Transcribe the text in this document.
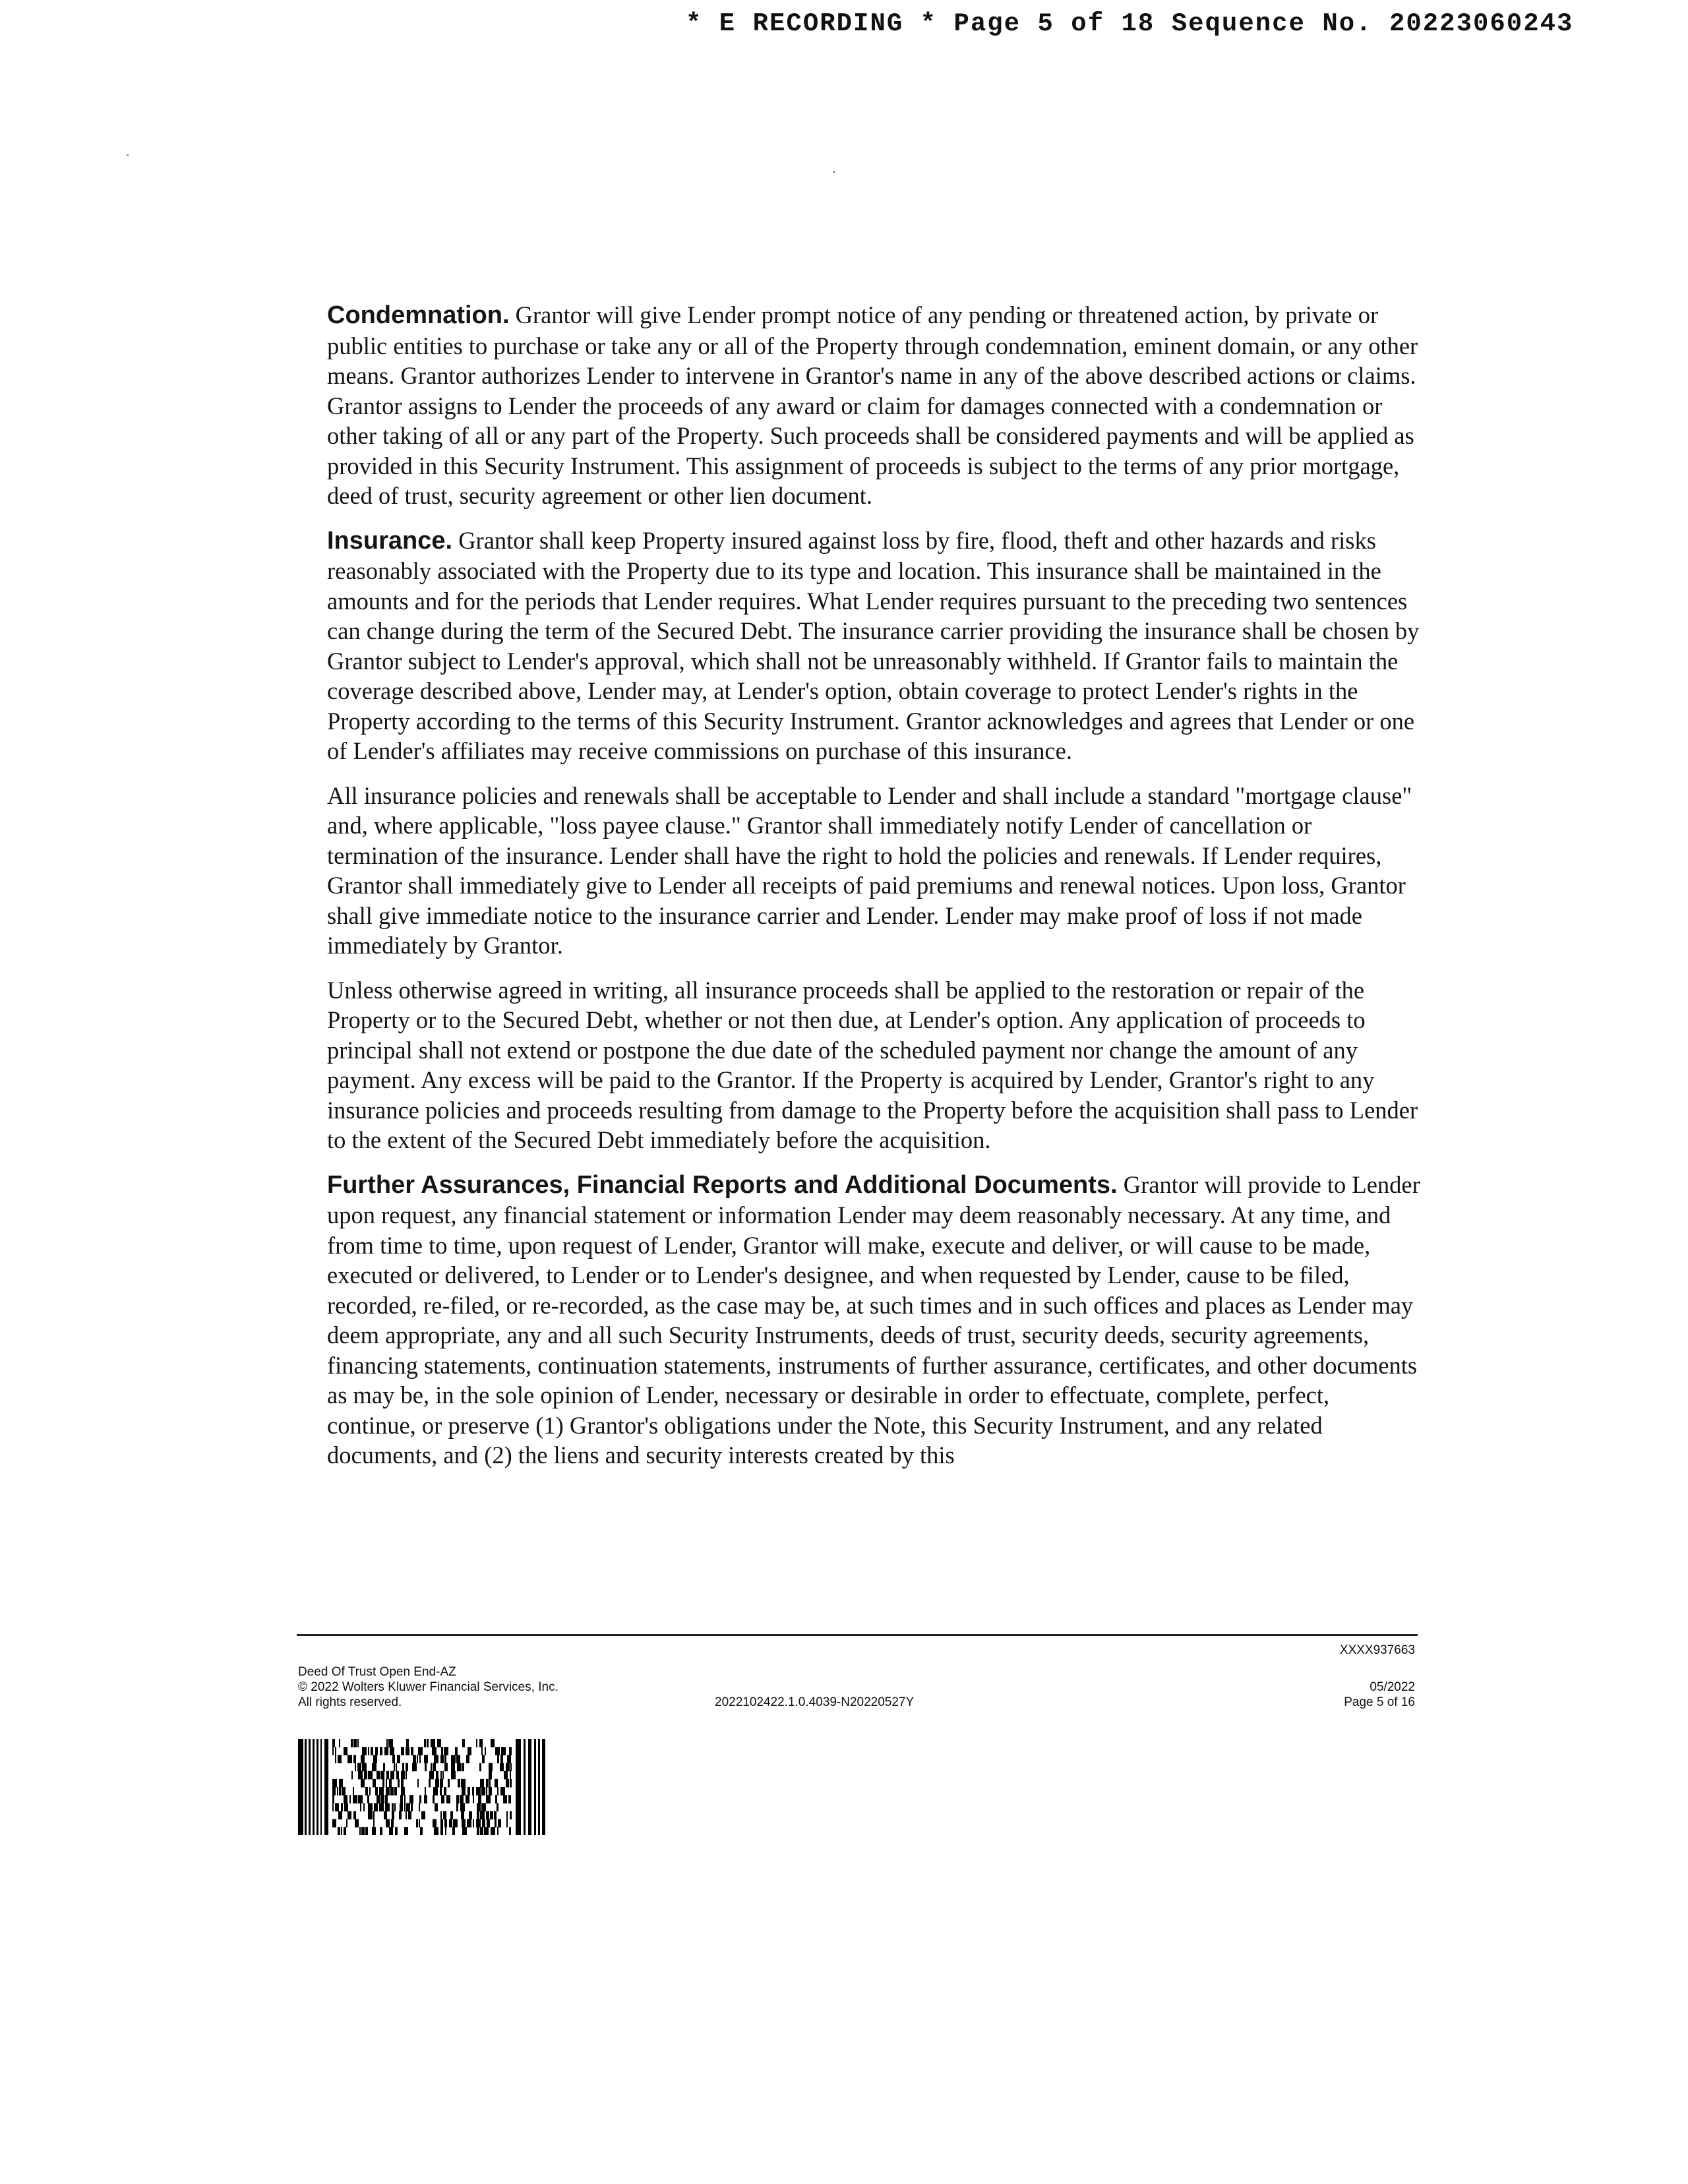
* E RECORDING * Page 5 of 18 Sequence No. 20223060243

Condemnation. Grantor will give Lender prompt notice of any pending or threatened action, by private or public entities to purchase or take any or all of the Property through condemnation, eminent domain, or any other means. Grantor authorizes Lender to intervene in Grantor's name in any of the above described actions or claims. Grantor assigns to Lender the proceeds of any award or claim for damages connected with a condemnation or other taking of all or any part of the Property. Such proceeds shall be considered payments and will be applied as provided in this Security Instrument. This assignment of proceeds is subject to the terms of any prior mortgage, deed of trust, security agreement or other lien document.

Insurance. Grantor shall keep Property insured against loss by fire, flood, theft and other hazards and risks reasonably associated with the Property due to its type and location. This insurance shall be maintained in the amounts and for the periods that Lender requires. What Lender requires pursuant to the preceding two sentences can change during the term of the Secured Debt. The insurance carrier providing the insurance shall be chosen by Grantor subject to Lender's approval, which shall not be unreasonably withheld. If Grantor fails to maintain the coverage described above, Lender may, at Lender's option, obtain coverage to protect Lender's rights in the Property according to the terms of this Security Instrument. Grantor acknowledges and agrees that Lender or one of Lender's affiliates may receive commissions on purchase of this insurance.

All insurance policies and renewals shall be acceptable to Lender and shall include a standard "mortgage clause" and, where applicable, "loss payee clause." Grantor shall immediately notify Lender of cancellation or termination of the insurance. Lender shall have the right to hold the policies and renewals. If Lender requires, Grantor shall immediately give to Lender all receipts of paid premiums and renewal notices. Upon loss, Grantor shall give immediate notice to the insurance carrier and Lender. Lender may make proof of loss if not made immediately by Grantor.

Unless otherwise agreed in writing, all insurance proceeds shall be applied to the restoration or repair of the Property or to the Secured Debt, whether or not then due, at Lender's option. Any application of proceeds to principal shall not extend or postpone the due date of the scheduled payment nor change the amount of any payment. Any excess will be paid to the Grantor. If the Property is acquired by Lender, Grantor's right to any insurance policies and proceeds resulting from damage to the Property before the acquisition shall pass to Lender to the extent of the Secured Debt immediately before the acquisition.

Further Assurances, Financial Reports and Additional Documents. Grantor will provide to Lender upon request, any financial statement or information Lender may deem reasonably necessary. At any time, and from time to time, upon request of Lender, Grantor will make, execute and deliver, or will cause to be made, executed or delivered, to Lender or to Lender's designee, and when requested by Lender, cause to be filed, recorded, re-filed, or re-recorded, as the case may be, at such times and in such offices and places as Lender may deem appropriate, any and all such Security Instruments, deeds of trust, security deeds, security agreements, financing statements, continuation statements, instruments of further assurance, certificates, and other documents as may be, in the sole opinion of Lender, necessary or desirable in order to effectuate, complete, perfect, continue, or preserve (1) Grantor's obligations under the Note, this Security Instrument, and any related documents, and (2) the liens and security interests created by this

XXXX937663
Deed Of Trust Open End-AZ
© 2022 Wolters Kluwer Financial Services, Inc.
All rights reserved.	2022102422.1.0.4039-N20220527Y
05/2022
Page 5 of 16
